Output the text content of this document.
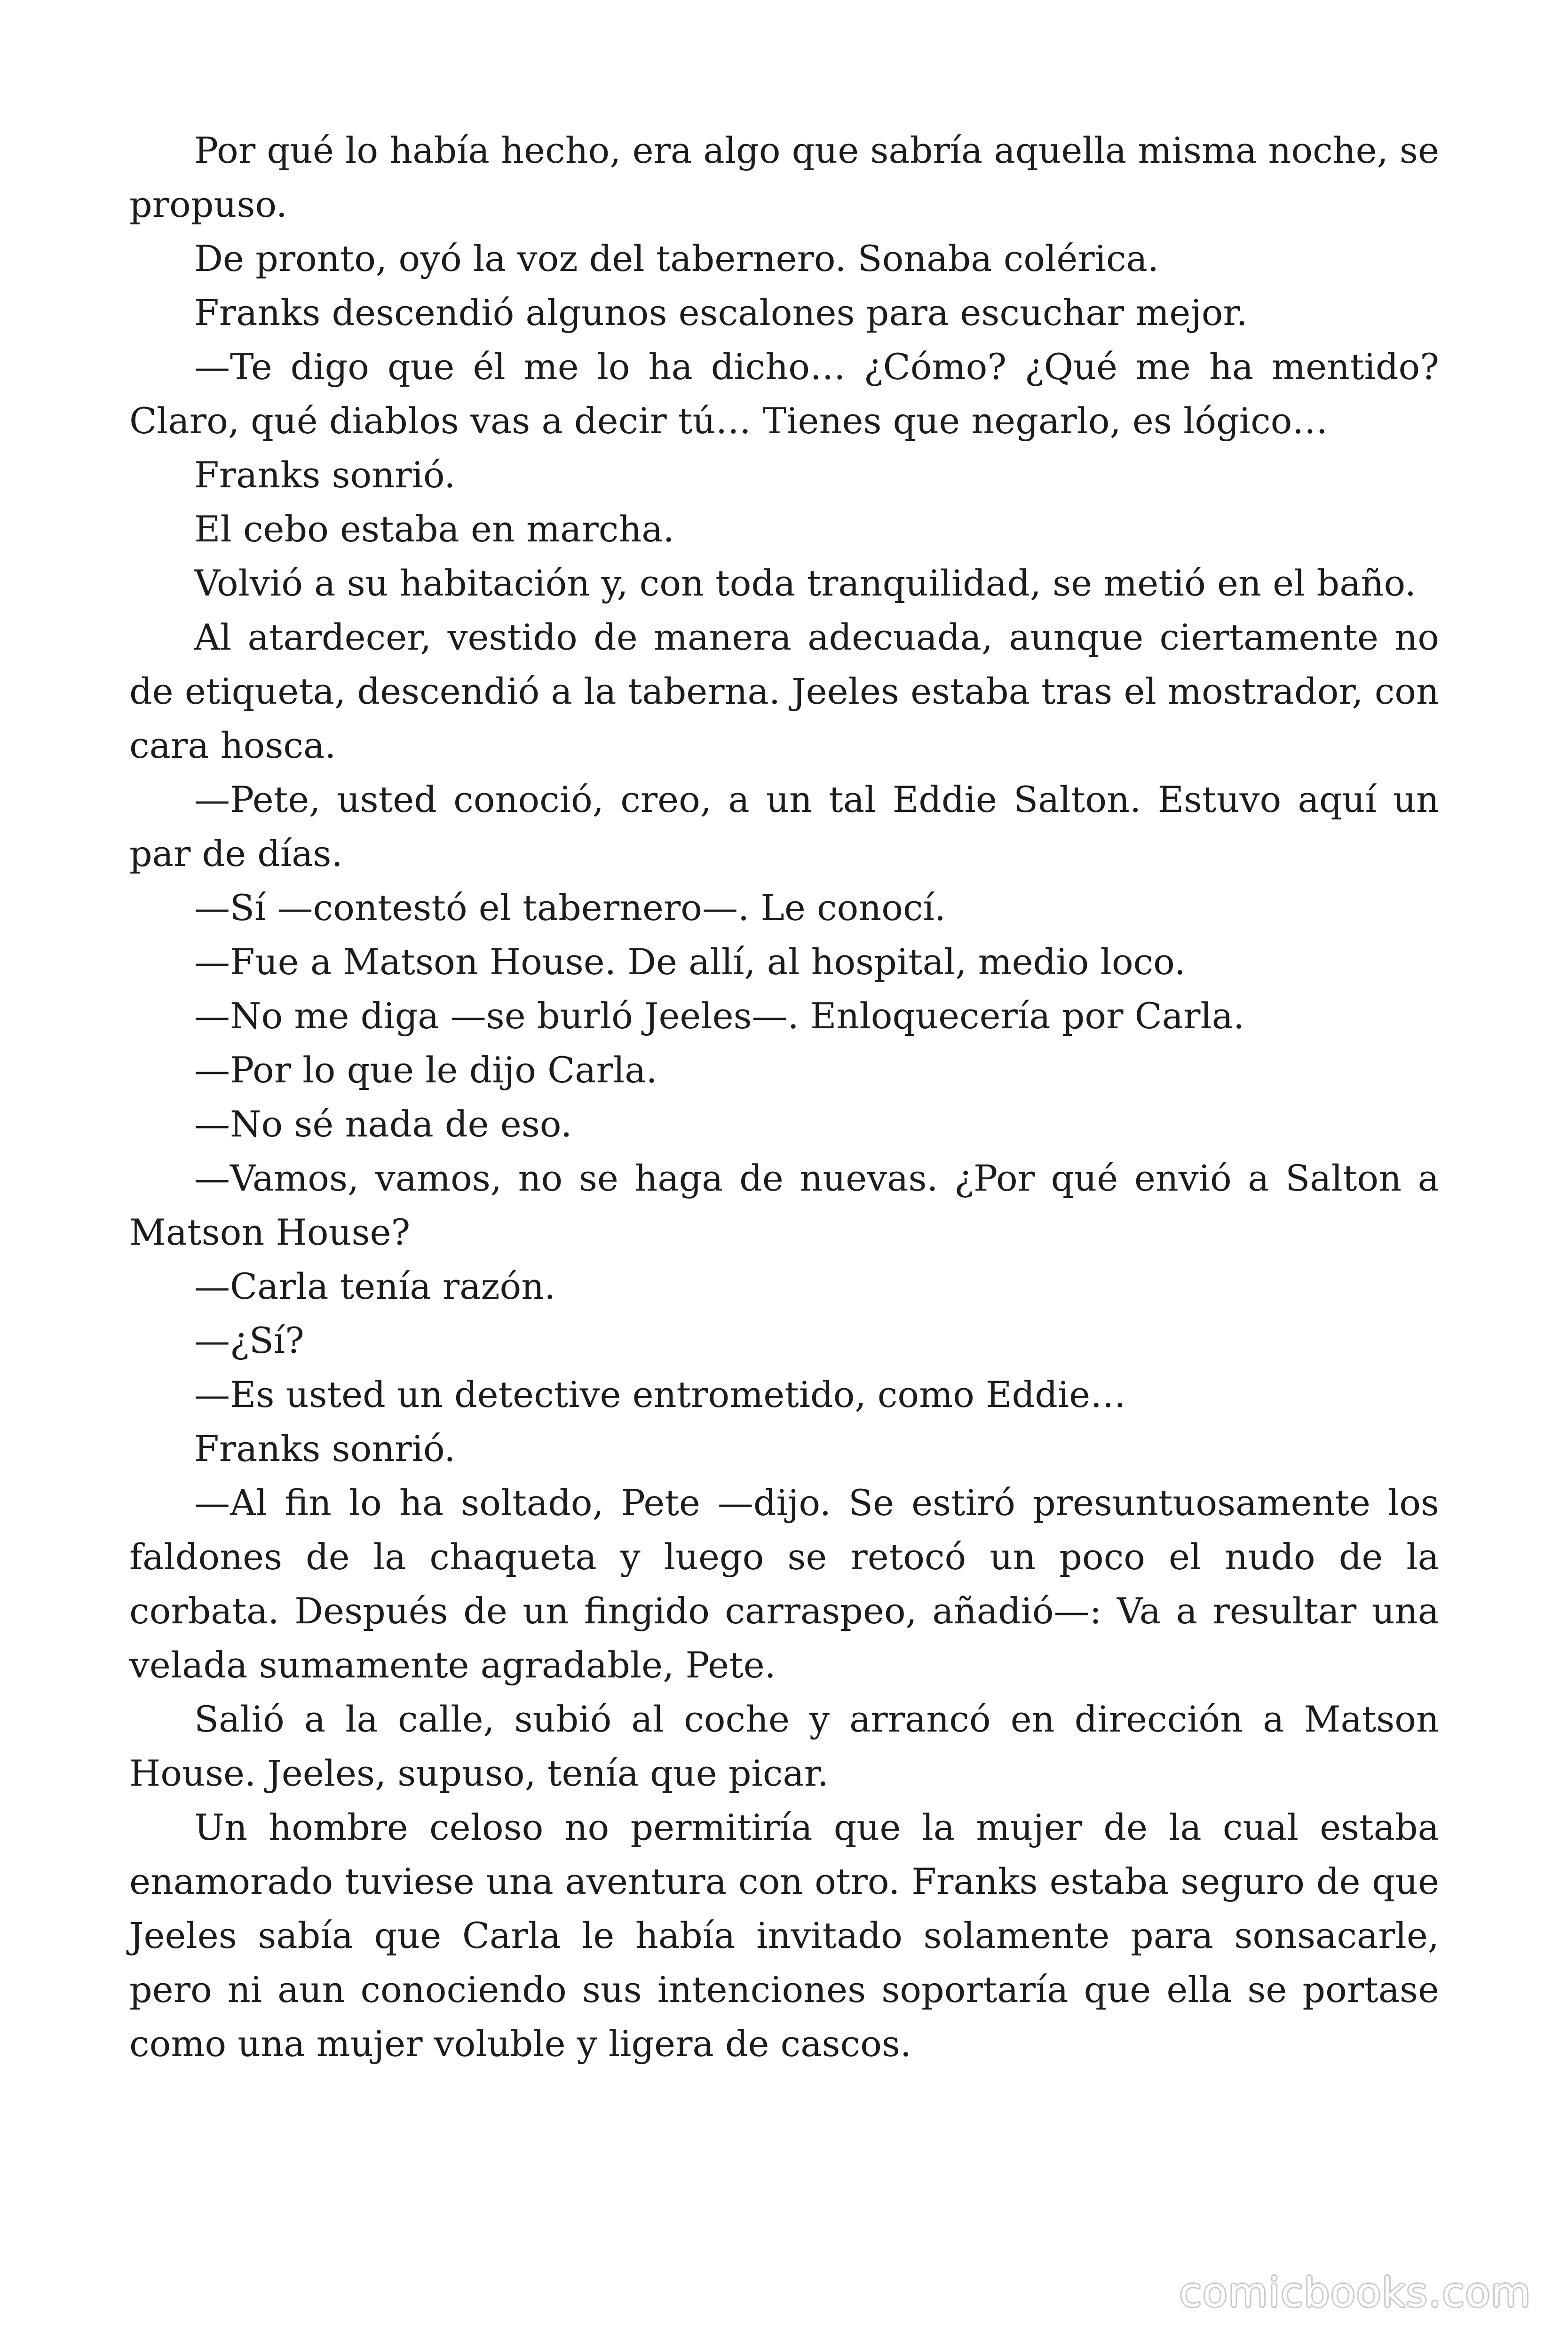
Por qué lo había hecho, era algo que sabría aquella misma noche, se propuso.

De pronto, oyó la voz del tabernero. Sonaba colérica.

Franks descendió algunos escalones para escuchar mejor.

—Te digo que él me lo ha dicho… ¿Cómo? ¿Qué me ha mentido? Claro, qué diablos vas a decir tú… Tienes que negarlo, es lógico…

Franks sonrió.

El cebo estaba en marcha.

Volvió a su habitación y, con toda tranquilidad, se metió en el baño.

Al atardecer, vestido de manera adecuada, aunque ciertamente no de etiqueta, descendió a la taberna. Jeeles estaba tras el mostrador, con cara hosca.

—Pete, usted conoció, creo, a un tal Eddie Salton. Estuvo aquí un par de días.

—Sí —contestó el tabernero—. Le conocí.

—Fue a Matson House. De allí, al hospital, medio loco.

—No me diga —se burló Jeeles—. Enloquecería por Carla.

—Por lo que le dijo Carla.

—No sé nada de eso.

—Vamos, vamos, no se haga de nuevas. ¿Por qué envió a Salton a Matson House?

—Carla tenía razón.

—¿Sí?

—Es usted un detective entrometido, como Eddie…

Franks sonrió.

—Al fin lo ha soltado, Pete —dijo. Se estiró presuntuosamente los faldones de la chaqueta y luego se retocó un poco el nudo de la corbata. Después de un fingido carraspeo, añadió—: Va a resultar una velada sumamente agradable, Pete.

Salió a la calle, subió al coche y arrancó en dirección a Matson House. Jeeles, supuso, tenía que picar.

Un hombre celoso no permitiría que la mujer de la cual estaba enamorado tuviese una aventura con otro. Franks estaba seguro de que Jeeles sabía que Carla le había invitado solamente para sonsacarle, pero ni aun conociendo sus intenciones soportaría que ella se portase como una mujer voluble y ligera de cascos.

comicbooks.com
